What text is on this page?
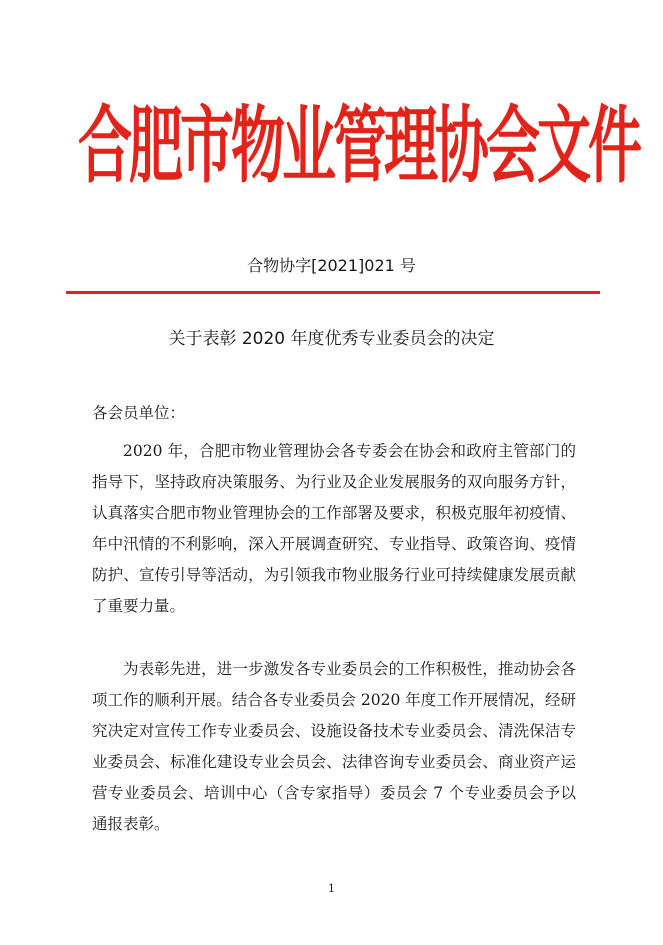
合肥市物业管理协会文件
合物协字[2021]021 号
关于表彰 2020 年度优秀专业委员会的决定
各会员单位：
2020 年，合肥市物业管理协会各专委会在协会和政府主管部门的指导下，坚持政府决策服务、为行业及企业发展服务的双向服务方针，认真落实合肥市物业管理协会的工作部署及要求，积极克服年初疫情、年中汛情的不利影响，深入开展调查研究、专业指导、政策咨询、疫情防护、宣传引导等活动，为引领我市物业服务行业可持续健康发展贡献了重要力量。
为表彰先进，进一步激发各专业委员会的工作积极性，推动协会各项工作的顺利开展。结合各专业委员会 2020 年度工作开展情况，经研究决定对宣传工作专业委员会、设施设备技术专业委员会、清洗保洁专业委员会、标准化建设专业会员会、法律咨询专业委员会、商业资产运营专业委员会、培训中心（含专家指导）委员会 7 个专业委员会予以通报表彰。
1
